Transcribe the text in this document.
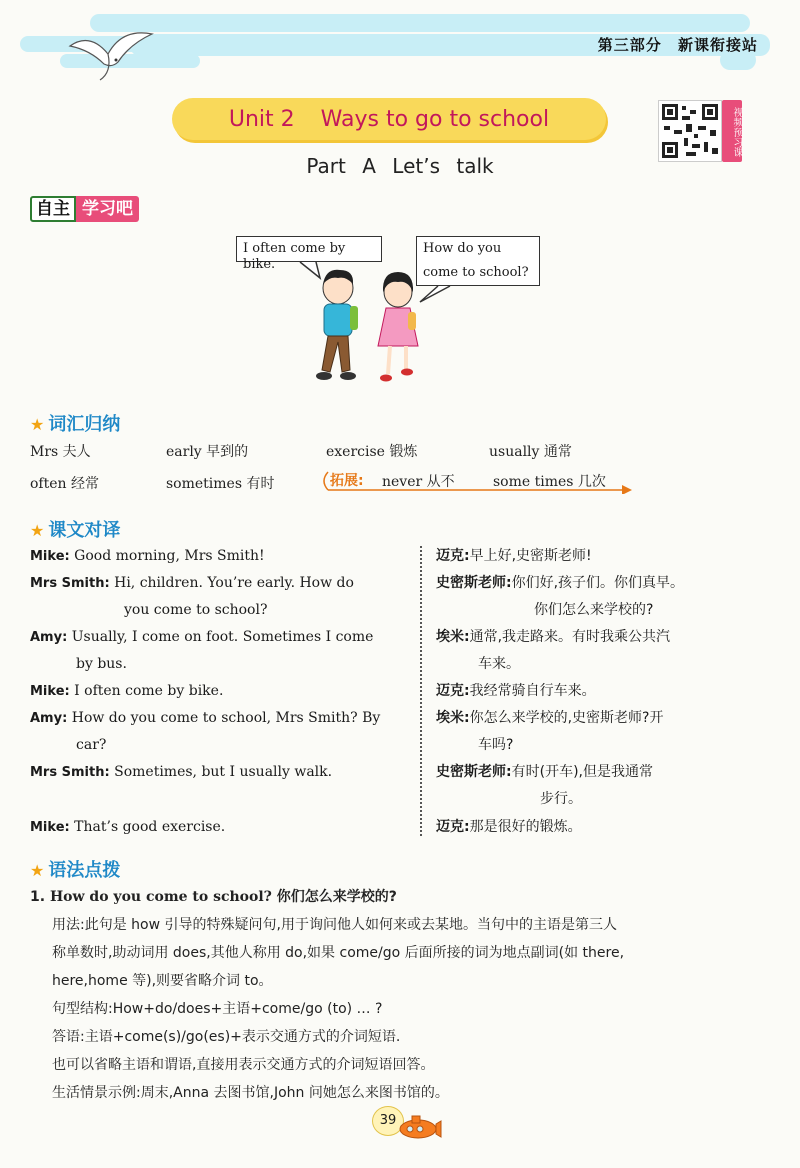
第三部分 新课衔接站
Unit 2 Ways to go to school
Part A Let’s talk
视频预习课
自主 学习吧
I often come by bike.
How do you come to school?
★ 词汇归纳
Mrs 夫人	early 早到的	exercise 锻炼	usually 通常
often 经常	sometimes 有时	拓展: never 从不	some times 几次
★ 课文对译
Mike: Good morning, Mrs Smith!
Mrs Smith: Hi, children. You’re early. How do
you come to school?
Amy: Usually, I come on foot. Sometimes I come
by bus.
Mike: I often come by bike.
Amy: How do you come to school, Mrs Smith? By
car?
Mrs Smith: Sometimes, but I usually walk.
Mike: That’s good exercise.
迈克:早上好,史密斯老师!
史密斯老师:你们好,孩子们。你们真早。
你们怎么来学校的?
埃米:通常,我走路来。有时我乘公共汽
车来。
迈克:我经常骑自行车来。
埃米:你怎么来学校的,史密斯老师?开
车吗?
史密斯老师:有时(开车),但是我通常
步行。
迈克:那是很好的锻炼。
★ 语法点拨
1. How do you come to school? 你们怎么来学校的?
用法:此句是 how 引导的特殊疑问句,用于询问他人如何来或去某地。当句中的主语是第三人
称单数时,助动词用 does,其他人称用 do,如果 come/go 后面所接的词为地点副词(如 there,
here,home 等),则要省略介词 to。
句型结构:How+do/does+主语+come/go (to) … ?
答语:主语+come(s)/go(es)+表示交通方式的介词短语.
也可以省略主语和谓语,直接用表示交通方式的介词短语回答。
生活情景示例:周末,Anna 去图书馆,John 问她怎么来图书馆的。
39
